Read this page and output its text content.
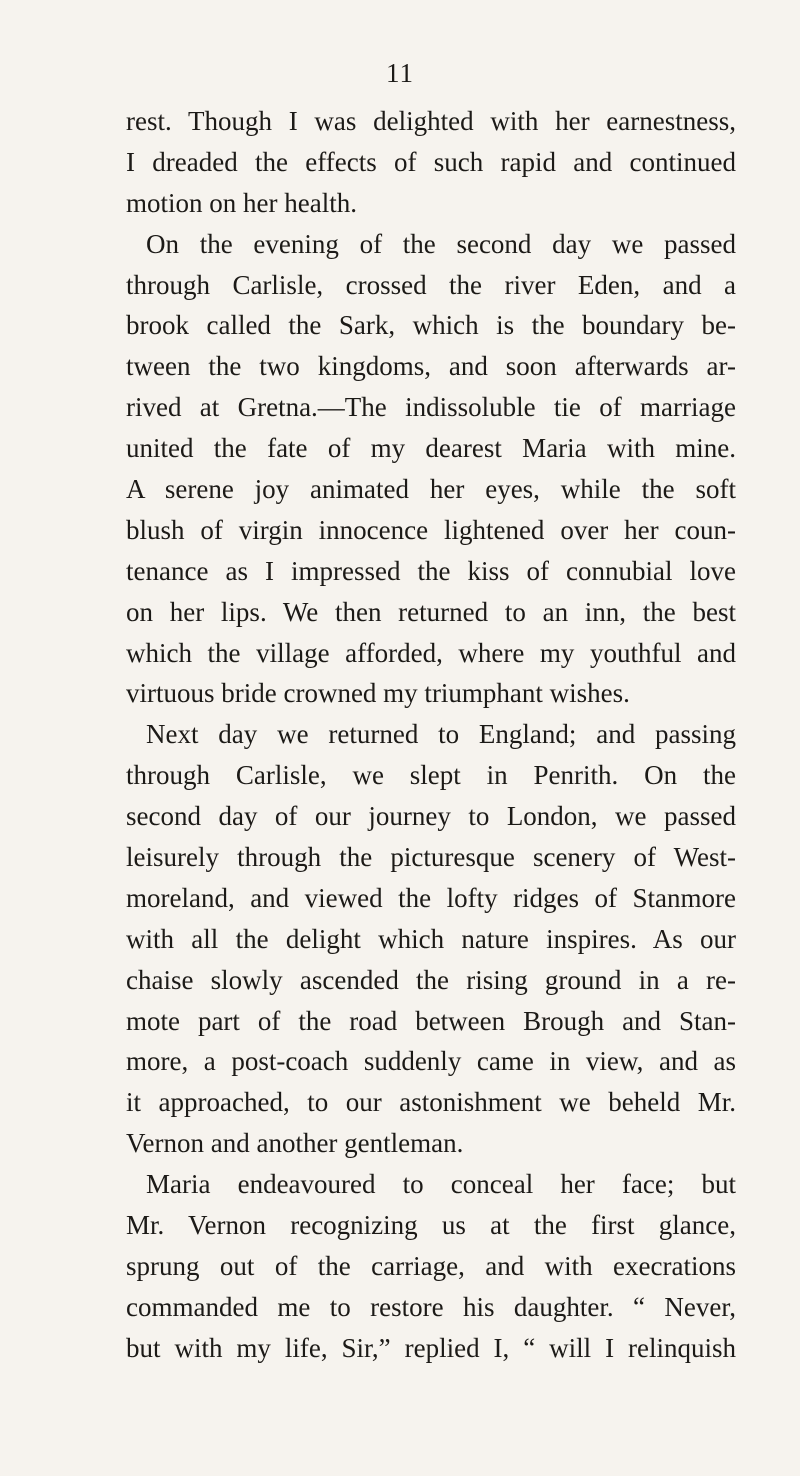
11
rest. Though I was delighted with her earnestness,
I dreaded the effects of such rapid and continued
motion on her health.
On the evening of the second day we passed
through Carlisle, crossed the river Eden, and a
brook called the Sark, which is the boundary be-
tween the two kingdoms, and soon afterwards ar-
rived at Gretna.—The indissoluble tie of marriage
united the fate of my dearest Maria with mine.
A serene joy animated her eyes, while the soft
blush of virgin innocence lightened over her coun-
tenance as I impressed the kiss of connubial love
on her lips. We then returned to an inn, the best
which the village afforded, where my youthful and
virtuous bride crowned my triumphant wishes.
Next day we returned to England; and passing
through Carlisle, we slept in Penrith. On the
second day of our journey to London, we passed
leisurely through the picturesque scenery of West-
moreland, and viewed the lofty ridges of Stanmore
with all the delight which nature inspires. As our
chaise slowly ascended the rising ground in a re-
mote part of the road between Brough and Stan-
more, a post-coach suddenly came in view, and as
it approached, to our astonishment we beheld Mr.
Vernon and another gentleman.
Maria endeavoured to conceal her face; but
Mr. Vernon recognizing us at the first glance,
sprung out of the carriage, and with execrations
commanded me to restore his daughter. “ Never,
but with my life, Sir,” replied I, “ will I relinquish
